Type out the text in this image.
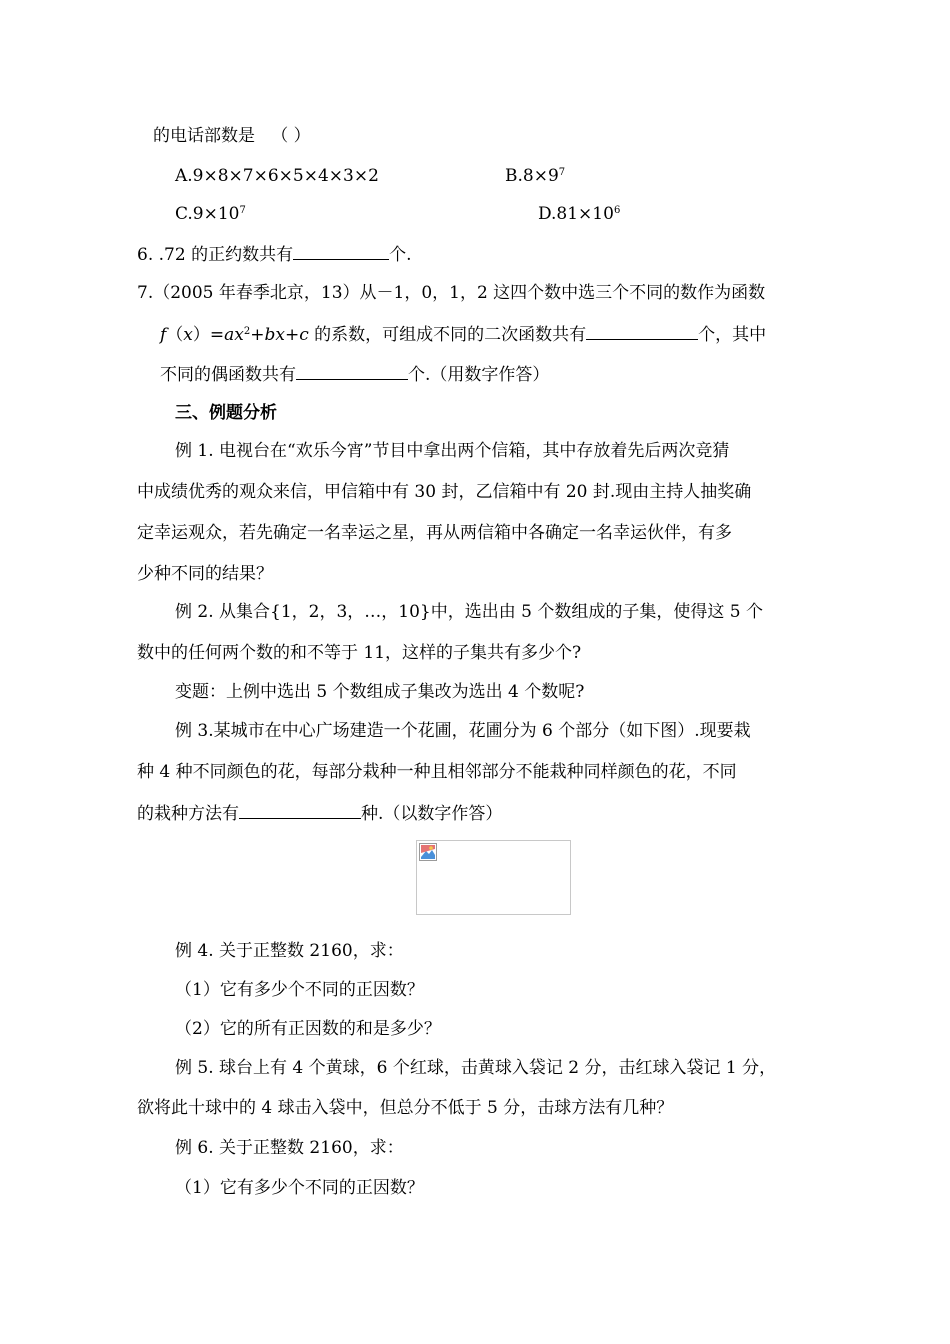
的电话部数是 （ ）
A.9×8×7×6×5×4×3×2	$B.8\times 9^7$
$C.9\times 10^7$	$D.81\times 10^6$
6. .72 的正约数共有	个.
7.（2005 年春季北京，13）从－1，0，1，2 这四个数中选三个不同的数作为函数
$f(x)=ax^2+bx+c$ 的系数，可组成不同的二次函数共有	个，其中
不同的偶函数共有	个.（用数字作答）
三、例题分析
例 1. 电视台在“欢乐今宵”节目中拿出两个信箱，其中存放着先后两次竞猜
中成绩优秀的观众来信，甲信箱中有 30 封，乙信箱中有 20 封.现由主持人抽奖确
定幸运观众，若先确定一名幸运之星，再从两信箱中各确定一名幸运伙伴，有多
少种不同的结果？
例 2. 从集合{1，2，3，…，10}中，选出由 5 个数组成的子集，使得这 5 个
数中的任何两个数的和不等于 11，这样的子集共有多少个?
变题：上例中选出 5 个数组成子集改为选出 4 个数呢?
例 3.某城市在中心广场建造一个花圃，花圃分为 6 个部分（如下图）.现要栽
种 4 种不同颜色的花，每部分栽种一种且相邻部分不能栽种同样颜色的花，不同
的栽种方法有	种.（以数字作答）
例 4. 关于正整数 2160，求：
（1）它有多少个不同的正因数？
（2）它的所有正因数的和是多少？
例 5. 球台上有 4 个黄球，6 个红球，击黄球入袋记 2 分，击红球入袋记 1 分，
欲将此十球中的 4 球击入袋中，但总分不低于 5 分，击球方法有几种？
例 6. 关于正整数 2160，求：
（1）它有多少个不同的正因数？
